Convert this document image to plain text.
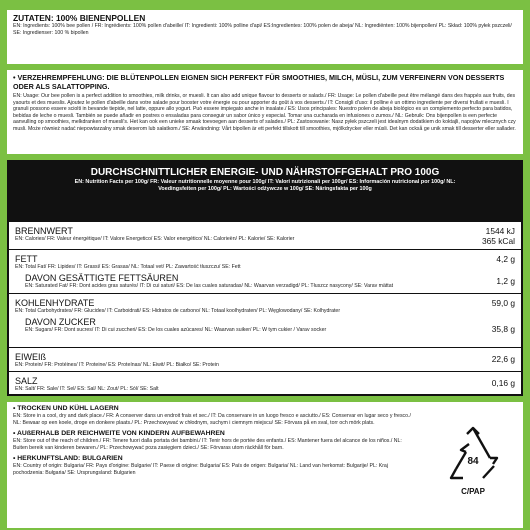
ZUTATEN: 100% BIENENPOLLEN
EN: Ingredients: 100% bee pollen / FR: Ingrédients: 100% pollen d'abeille/ IT: Ingredienti: 100% polline d'api/ ES:Ingredientes: 100% polen de abeja/ NL: Ingrediënten: 100% bijenpollen/ PL: Skład: 100% pyłek pszczeli/ SE: Ingredienser: 100 % bipollen
• VERZEHREMPFEHLUNG: DIE BLÜTENPOLLEN EIGNEN SICH PERFEKT FÜR SMOOTHIES, MILCH, MÜSLI, ZUM VERFEINERN VON DESSERTS ODER ALS SALATTOPPING.
EN: Usage: Our bee pollen is a perfect addition to smoothies, milk drinks, or muesli. It can also add unique flavour to desserts or salads./ FR: Usage: Le pollen d'abeille peut être mélangé dans des frappés aux fruits, des yaourts et des mueslis. Ajoutez le pollen d'abeille dans votre salade pour booster votre énergie ou pour apporter du goût à vos desserts./ IT: Consigli d'uso: il polline è un ottimo ingrediente per diversi frullati e muesli. I granuli possono essere sciolti in bevande tiepide, nel latte, oppure allo yogurt. Può essere impiegato anche in insalate./ ES: Usos principales: Nuestro polen de abeja biológico es un complemento perfecto para batidos, bebidas de leche o muesli. También se puede añadir en postres o ensaladas para conseguir un sabor único y especial. Tomar una cucharada en infusiones o zumos./ NL: Gebruik: Ons bijenpollen is een perfecte aanvulling op smoothies, melkdranken of muesli's. Het kan ook een unieke smaak toevoegen aan desserts of salades./ PL: Zastosowanie: Nasz pyłek pszczeli jest idealnym dodatkiem do koktajli, napojów mlecznych czy musli. Może również nadać niepowtarzalny smak deserom lub sałatkom./ SE: Användning: Vårt bipollen är ett perfekt tillskott till smoothies, mjölkdrycker eller müsli. Det kan också ge unik smak till desserter eller sallader.
DURCHSCHNITTLICHER ENERGIE- UND NÄHRSTOFFGEHALT PRO 100G
EN: Nutrition Facts per 100g/ FR: Valeur nutritionnelle moyenne pour 100g/ IT: Valori nutrizionali per 100gr/ ES: Información nutricional por 100g/ NL:
Voedingsfeiten per 100g/ PL: Wartości odżywcze w 100g/ SE: Näringsfakta per 100g
BRENNWERT
EN: Calories/ FR: Valeur énergétique/ IT: Valore Energetico/ ES: Valor energético/ NL: Calorieën/ PL: Kalorie/ SE: Kalorier
1544 kJ
365 kCal
FETT
EN: Total Fat/ FR: Lipides/ IT: Grassi/ ES: Grasas/ NL: Totaal vet/ PL: Zawartość tłuszczu/ SE: Fett
4,2 g
DAVON GESÄTTIGTE FETTSÄUREN
EN: Saturated Fat/ FR: Dont acides gras saturés/ IT: Di cui saturi/ ES: De las cuales saturadas/ NL: Waarvan verzadigd/ PL: Tłuszcz nasycony/ SE: Varav mättat	1,2 g
KOHLENHYDRATE
EN: Total Carbohydrates/ FR: Glucides/ IT: Carboidrati/ ES: Hidratos de carbono/ NL: Totaal koolhydraten/ PL: Węglowodany/ SE: Kolhydrater
59,0 g
DAVON ZUCKER
EN: Sugars/ FR: Dont sucres/ IT: Di cui zuccheri/ ES: De los cuales azúcares/ NL: Waarvan suiker/ PL: W tym cukier / Varav socker	35,8 g
EIWEIß
EN: Protein/ FR: Protéines/ IT: Proteine/ ES: Proteínas/ NL: Eiwit/ PL: Białko/ SE: Protein
22,6 g
SALZ
EN: Salt/ FR: Sale/ IT: Sel/ ES: Sal/ NL: Zout/ PL: Sól/ SE: Salt
0,16 g
• TROCKEN UND KÜHL LAGERN
EN: Store in a cool, dry and dark place./ FR: A conserver dans un endroit frais et sec./ IT: Da conservare in un luogo fresco e asciutto./ ES: Conservar en lugar seco y fresco./ NL: Bewaar op een koele, droge en donkere plaats./ PL: Przechowywać w chłodnym, suchym i ciemnym miejscu/ SE: Förvara på en sval, torr och mörk plats.
• AUßERHALB DER REICHWEITE VON KINDERN AUFBEWAHREN
EN: Store out of the reach of children./ FR: Tenere fuori dalla portata dei bambini./ IT: Tenir hors de portée des enfants./ ES: Mantener fuera del alcance de los niños./ NL: Buiten bereik van kinderen bewaren./ PL: Przechowywać poza zasięgiem dzieci./ SE: Förvaras utom räckhåll för barn.
• HERKUNFTSLAND: BULGARIEN
EN: Country of origin: Bulgaria/ FR: Pays d'origine: Bulgarie/ IT: Paese di origine: Bulgaria/ ES: País de origen: Bulgaria/ NL: Land van herkomst: Bulgarije/ PL: Kraj pochodzenia: Bułgaria/ SE: Ursprungsland: Bulgarien
84
C/PAP
